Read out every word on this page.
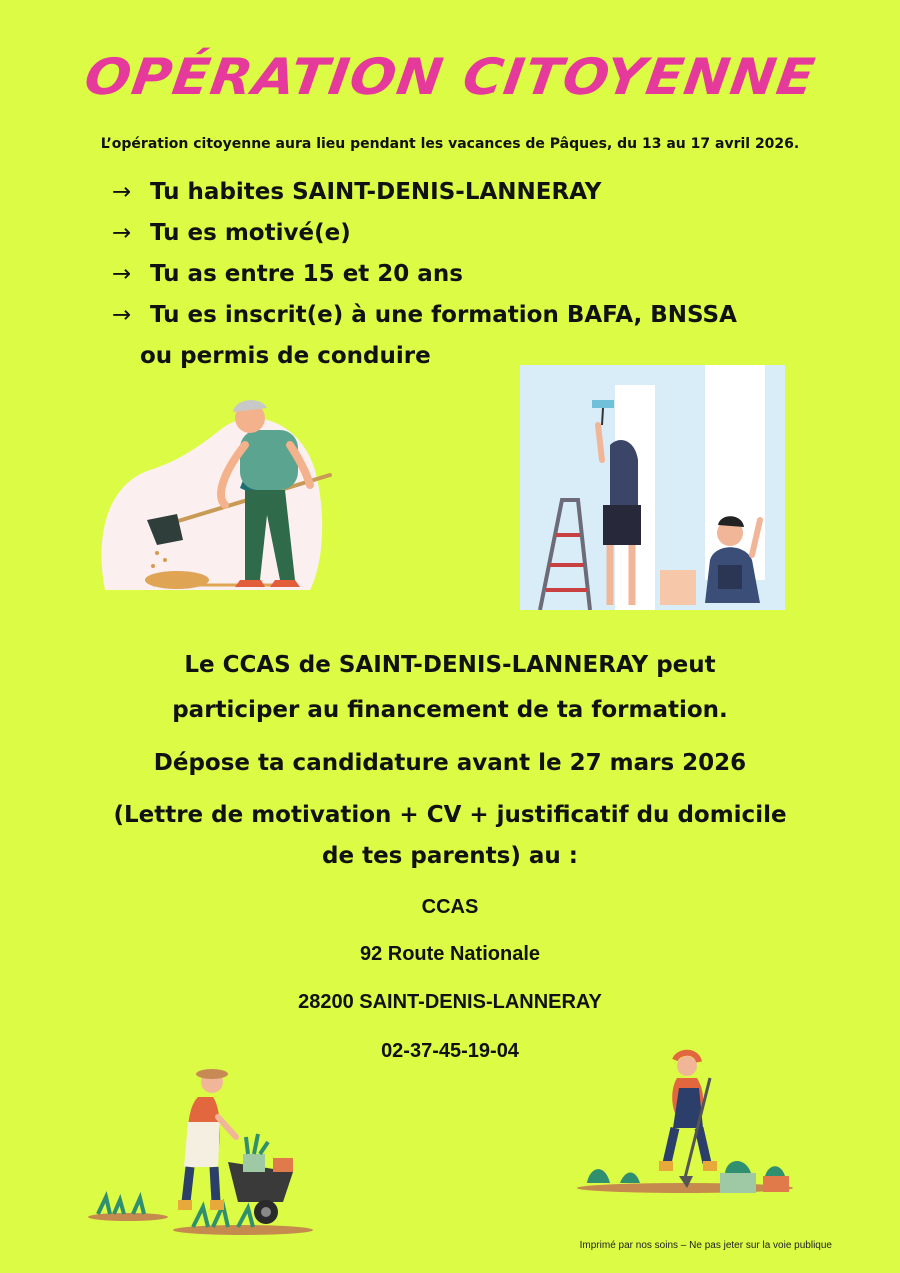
OPÉRATION CITOYENNE
L’opération citoyenne aura lieu pendant les vacances de Pâques, du 13 au 17 avril 2026.
→ Tu habites SAINT-DENIS-LANNERAY
→ Tu es motivé(e)
→ Tu as entre 15 et 20 ans
→ Tu es inscrit(e) à une formation BAFA, BNSSA
ou permis de conduire
Le CCAS de SAINT-DENIS-LANNERAY peut
participer au financement de ta formation.
Dépose ta candidature avant le 27 mars 2026
(Lettre de motivation + CV + justificatif du domicile
de tes parents) au :
CCAS
92 Route Nationale
28200 SAINT-DENIS-LANNERAY
02-37-45-19-04
Imprimé par nos soins – Ne pas jeter sur la voie publique
